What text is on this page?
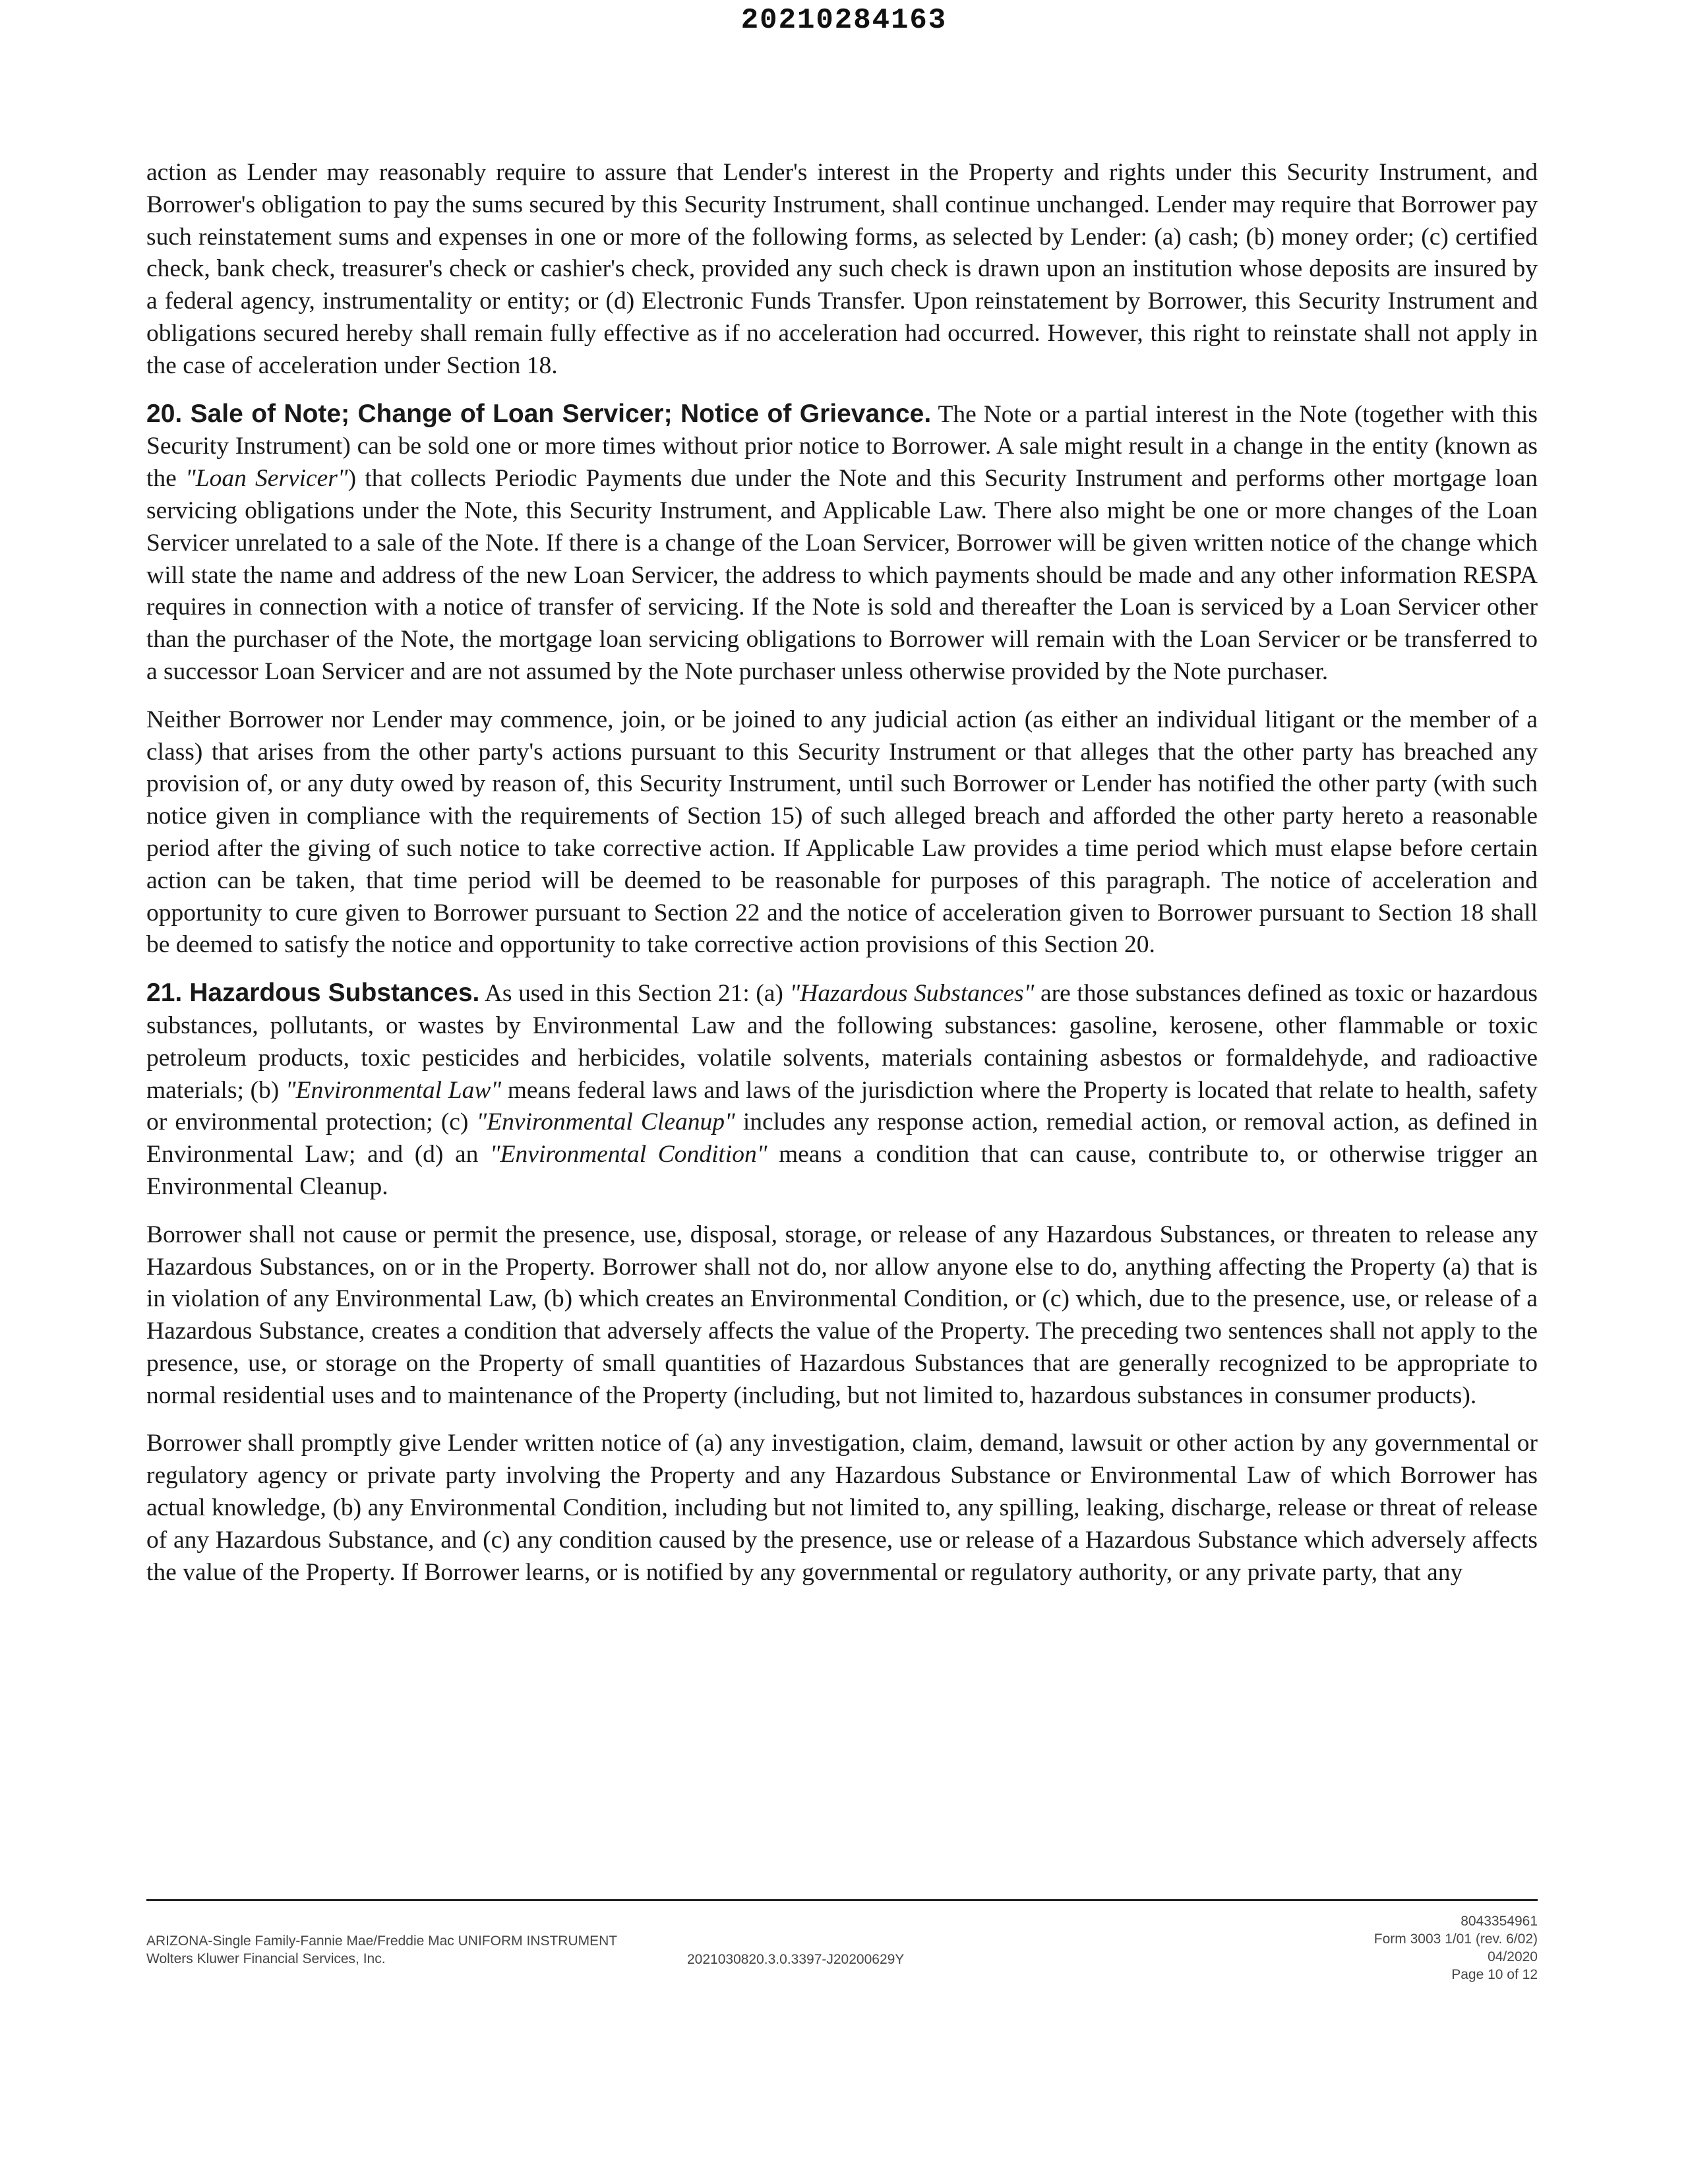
20210284163

action as Lender may reasonably require to assure that Lender's interest in the Property and rights under this Security Instrument, and Borrower's obligation to pay the sums secured by this Security Instrument, shall continue unchanged. Lender may require that Borrower pay such reinstatement sums and expenses in one or more of the following forms, as selected by Lender: (a) cash; (b) money order; (c) certified check, bank check, treasurer's check or cashier's check, provided any such check is drawn upon an institution whose deposits are insured by a federal agency, instrumentality or entity; or (d) Electronic Funds Transfer. Upon reinstatement by Borrower, this Security Instrument and obligations secured hereby shall remain fully effective as if no acceleration had occurred. However, this right to reinstate shall not apply in the case of acceleration under Section 18.

20. Sale of Note; Change of Loan Servicer; Notice of Grievance. The Note or a partial interest in the Note (together with this Security Instrument) can be sold one or more times without prior notice to Borrower. A sale might result in a change in the entity (known as the "Loan Servicer") that collects Periodic Payments due under the Note and this Security Instrument and performs other mortgage loan servicing obligations under the Note, this Security Instrument, and Applicable Law. There also might be one or more changes of the Loan Servicer unrelated to a sale of the Note. If there is a change of the Loan Servicer, Borrower will be given written notice of the change which will state the name and address of the new Loan Servicer, the address to which payments should be made and any other information RESPA requires in connection with a notice of transfer of servicing. If the Note is sold and thereafter the Loan is serviced by a Loan Servicer other than the purchaser of the Note, the mortgage loan servicing obligations to Borrower will remain with the Loan Servicer or be transferred to a successor Loan Servicer and are not assumed by the Note purchaser unless otherwise provided by the Note purchaser.

Neither Borrower nor Lender may commence, join, or be joined to any judicial action (as either an individual litigant or the member of a class) that arises from the other party's actions pursuant to this Security Instrument or that alleges that the other party has breached any provision of, or any duty owed by reason of, this Security Instrument, until such Borrower or Lender has notified the other party (with such notice given in compliance with the requirements of Section 15) of such alleged breach and afforded the other party hereto a reasonable period after the giving of such notice to take corrective action. If Applicable Law provides a time period which must elapse before certain action can be taken, that time period will be deemed to be reasonable for purposes of this paragraph. The notice of acceleration and opportunity to cure given to Borrower pursuant to Section 22 and the notice of acceleration given to Borrower pursuant to Section 18 shall be deemed to satisfy the notice and opportunity to take corrective action provisions of this Section 20.

21. Hazardous Substances. As used in this Section 21: (a) "Hazardous Substances" are those substances defined as toxic or hazardous substances, pollutants, or wastes by Environmental Law and the following substances: gasoline, kerosene, other flammable or toxic petroleum products, toxic pesticides and herbicides, volatile solvents, materials containing asbestos or formaldehyde, and radioactive materials; (b) "Environmental Law" means federal laws and laws of the jurisdiction where the Property is located that relate to health, safety or environmental protection; (c) "Environmental Cleanup" includes any response action, remedial action, or removal action, as defined in Environmental Law; and (d) an "Environmental Condition" means a condition that can cause, contribute to, or otherwise trigger an Environmental Cleanup.

Borrower shall not cause or permit the presence, use, disposal, storage, or release of any Hazardous Substances, or threaten to release any Hazardous Substances, on or in the Property. Borrower shall not do, nor allow anyone else to do, anything affecting the Property (a) that is in violation of any Environmental Law, (b) which creates an Environmental Condition, or (c) which, due to the presence, use, or release of a Hazardous Substance, creates a condition that adversely affects the value of the Property. The preceding two sentences shall not apply to the presence, use, or storage on the Property of small quantities of Hazardous Substances that are generally recognized to be appropriate to normal residential uses and to maintenance of the Property (including, but not limited to, hazardous substances in consumer products).

Borrower shall promptly give Lender written notice of (a) any investigation, claim, demand, lawsuit or other action by any governmental or regulatory agency or private party involving the Property and any Hazardous Substance or Environmental Law of which Borrower has actual knowledge, (b) any Environmental Condition, including but not limited to, any spilling, leaking, discharge, release or threat of release of any Hazardous Substance, and (c) any condition caused by the presence, use or release of a Hazardous Substance which adversely affects the value of the Property. If Borrower learns, or is notified by any governmental or regulatory authority, or any private party, that any

ARIZONA-Single Family-Fannie Mae/Freddie Mac UNIFORM INSTRUMENT
Wolters Kluwer Financial Services, Inc.	2021030820.3.0.3397-J20200629Y
8043354961
Form 3003 1/01 (rev. 6/02)
04/2020
Page 10 of 12
